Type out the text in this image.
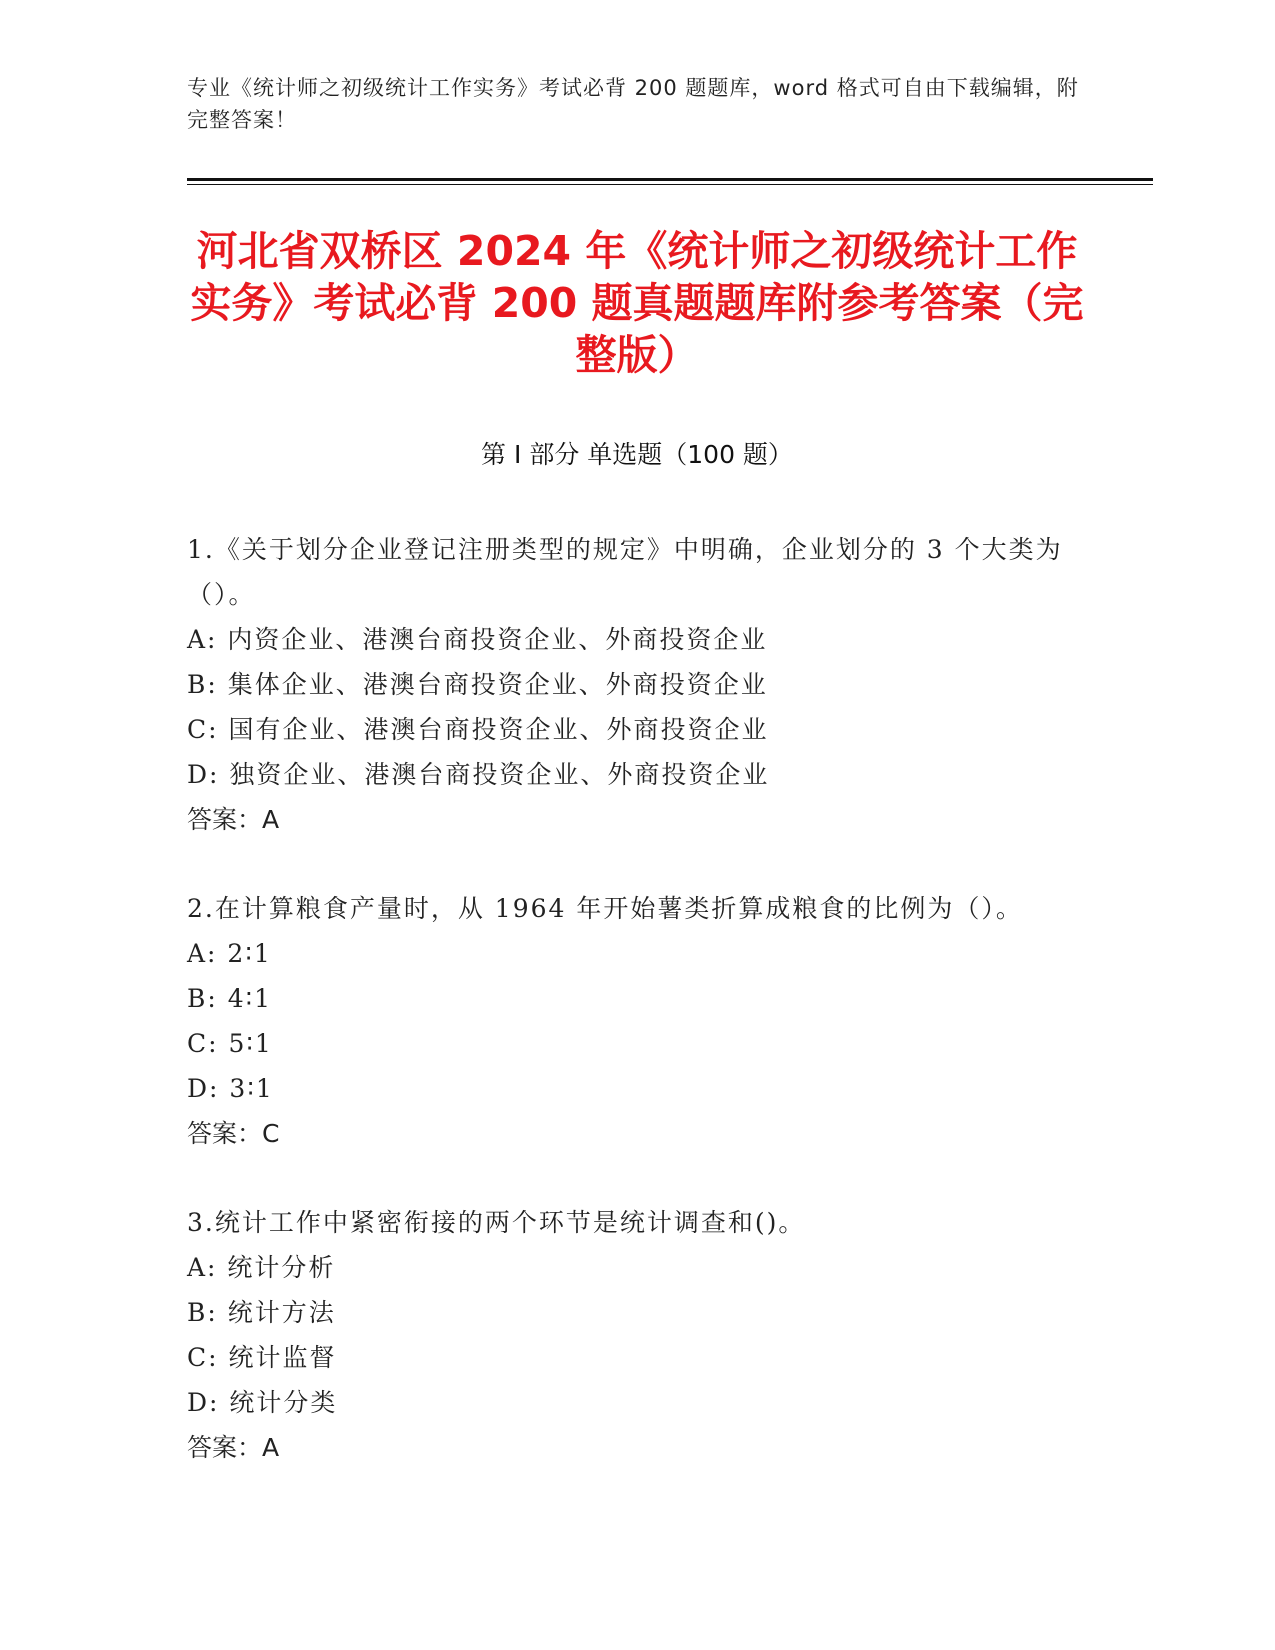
专业《统计师之初级统计工作实务》考试必背 200 题题库，word 格式可自由下载编辑，附完整答案！
河北省双桥区 2024 年《统计师之初级统计工作实务》考试必背 200 题真题题库附参考答案（完整版）
第 I 部分 单选题（100 题）
1.《关于划分企业登记注册类型的规定》中明确，企业划分的 3 个大类为（）。
A: 内资企业、港澳台商投资企业、外商投资企业
B: 集体企业、港澳台商投资企业、外商投资企业
C: 国有企业、港澳台商投资企业、外商投资企业
D: 独资企业、港澳台商投资企业、外商投资企业
答案：A
2.在计算粮食产量时，从 1964 年开始薯类折算成粮食的比例为（）。
A: 2∶1
B: 4∶1
C: 5∶1
D: 3∶1
答案：C
3.统计工作中紧密衔接的两个环节是统计调查和()。
A: 统计分析
B: 统计方法
C: 统计监督
D: 统计分类
答案：A
